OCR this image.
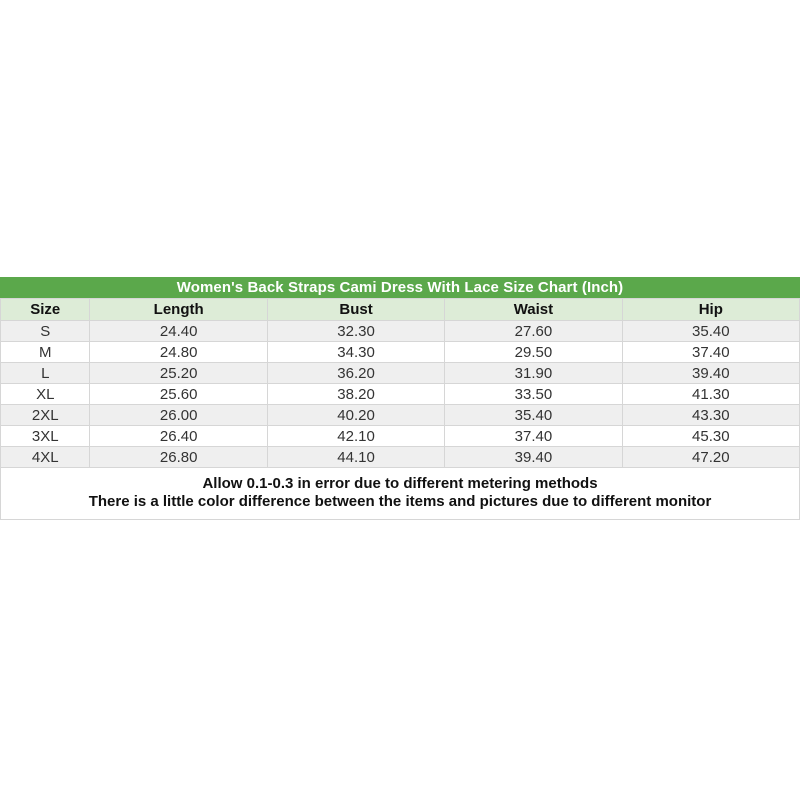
Women's Back Straps Cami Dress With Lace Size Chart (Inch)
Size	Length	Bust	Waist	Hip
S	24.40	32.30	27.60	35.40
M	24.80	34.30	29.50	37.40
L	25.20	36.20	31.90	39.40
XL	25.60	38.20	33.50	41.30
2XL	26.00	40.20	35.40	43.30
3XL	26.40	42.10	37.40	45.30
4XL	26.80	44.10	39.40	47.20

Allow 0.1-0.3 in error due to different metering methods
There is a little color difference between the items and pictures due to different monitor				
